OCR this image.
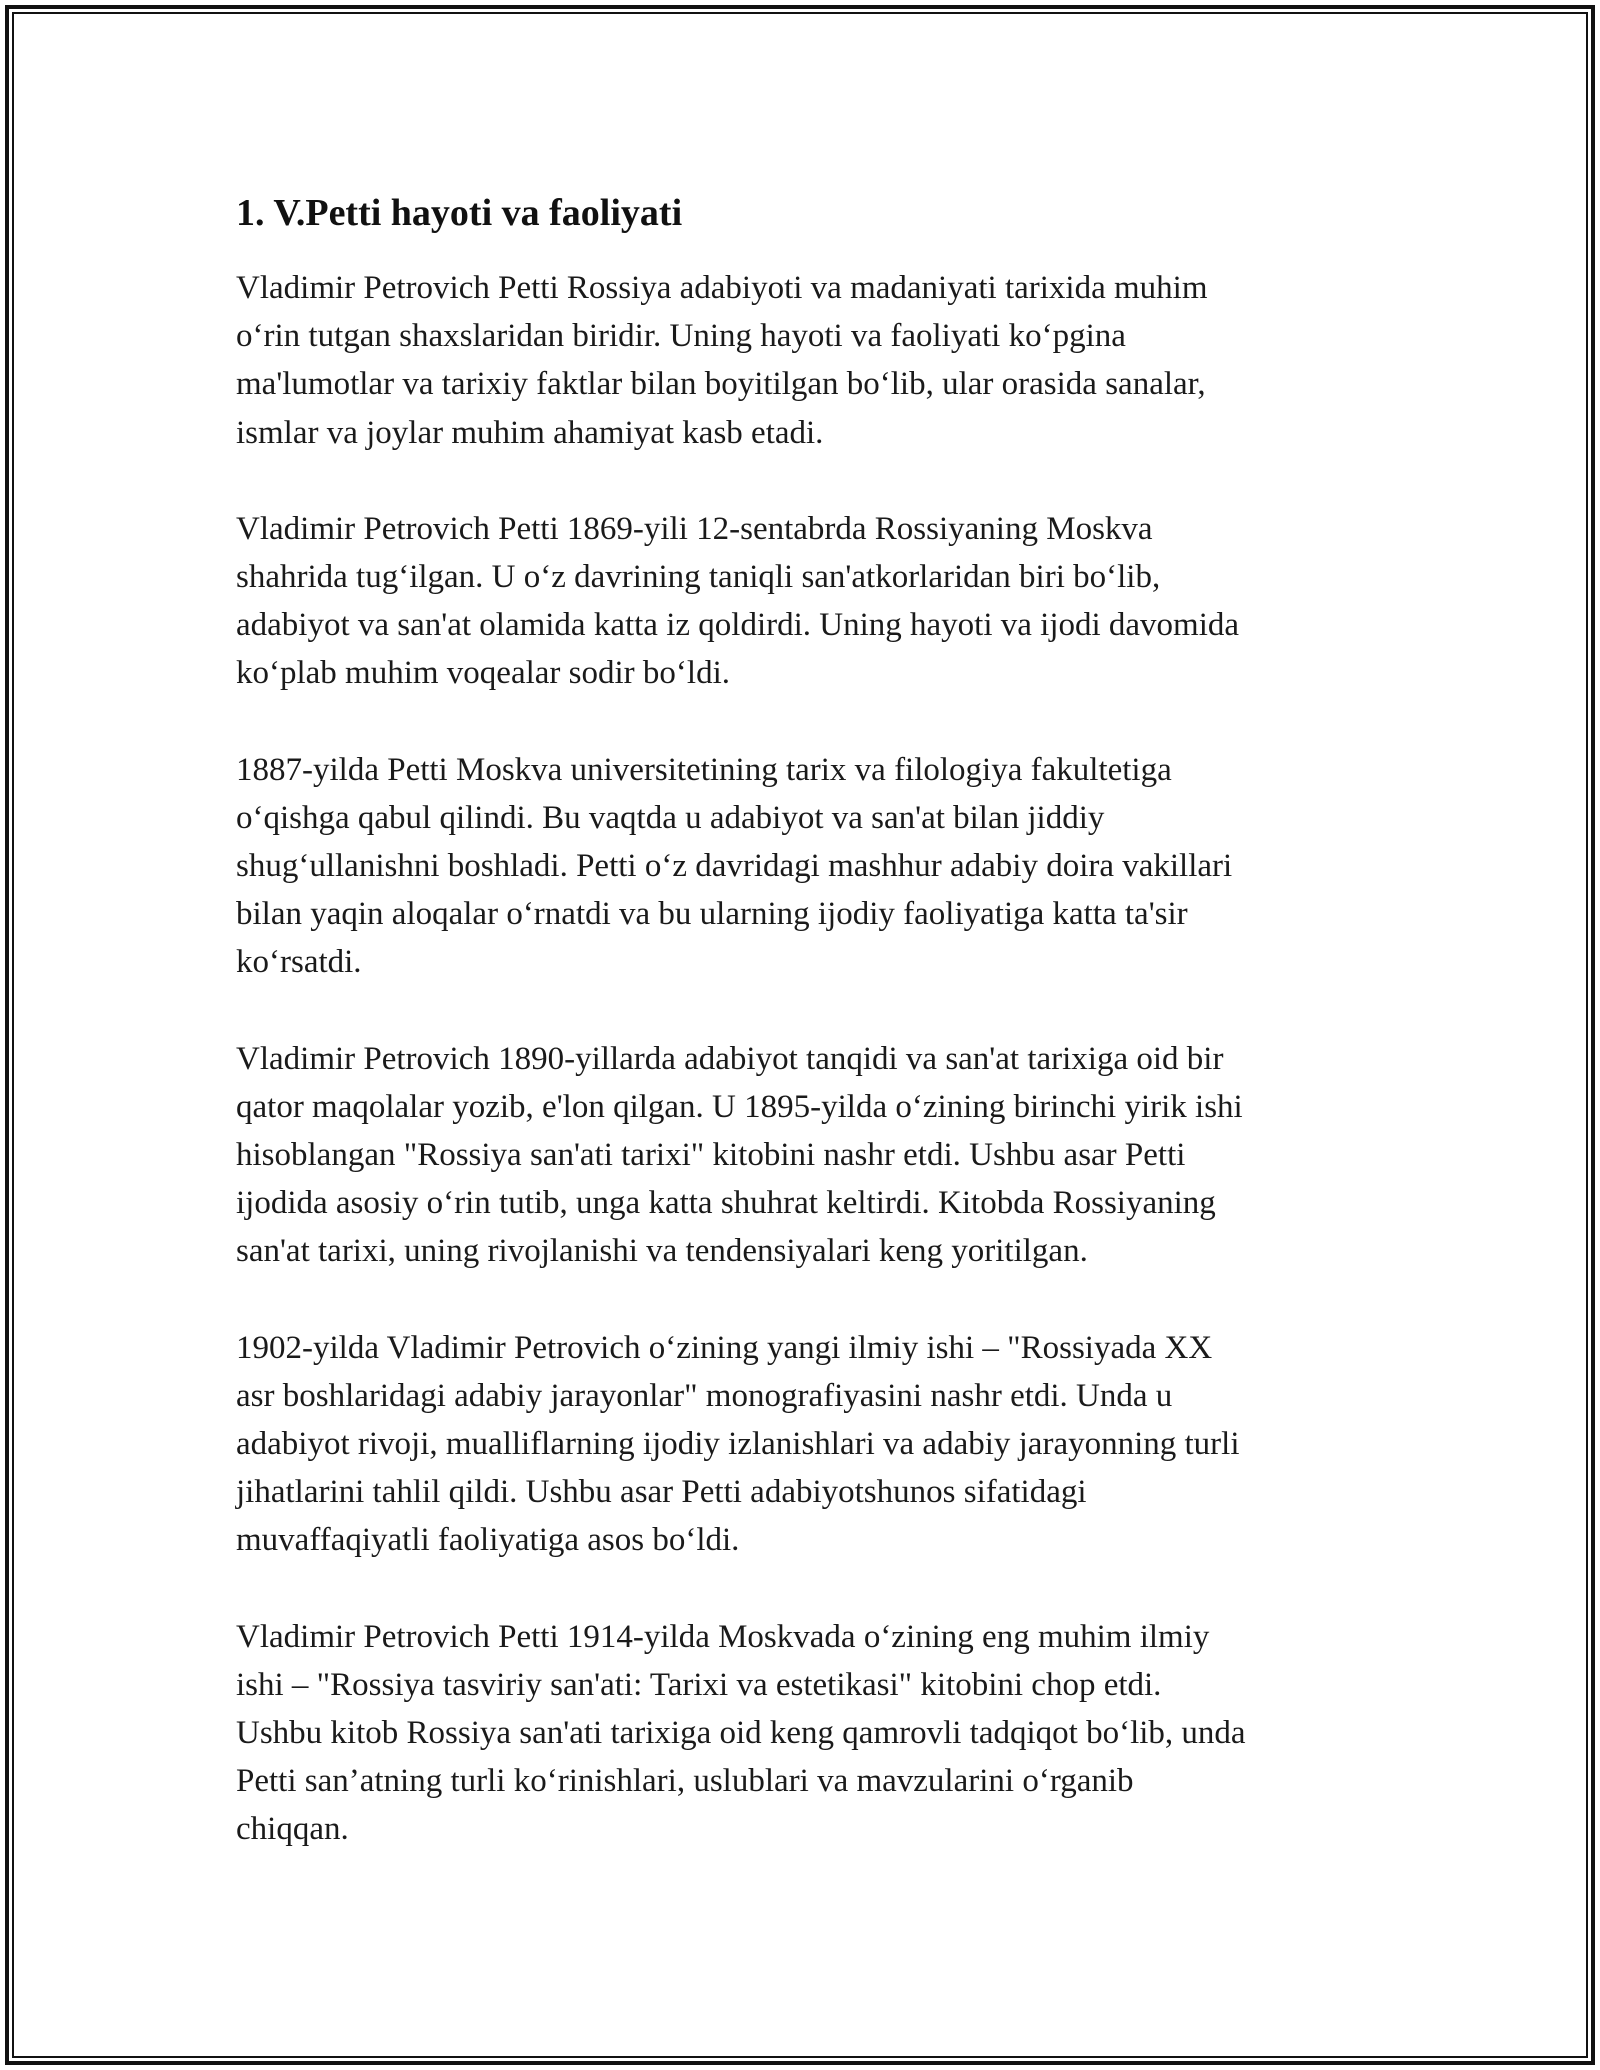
1. V.Petti hayoti va faoliyati

Vladimir Petrovich Petti Rossiya adabiyoti va madaniyati tarixida muhim
o‘rin tutgan shaxslaridan biridir. Uning hayoti va faoliyati ko‘pgina
ma'lumotlar va tarixiy faktlar bilan boyitilgan bo‘lib, ular orasida sanalar,
ismlar va joylar muhim ahamiyat kasb etadi.

Vladimir Petrovich Petti 1869-yili 12-sentabrda Rossiyaning Moskva
shahrida tug‘ilgan. U o‘z davrining taniqli san'atkorlaridan biri bo‘lib,
adabiyot va san'at olamida katta iz qoldirdi. Uning hayoti va ijodi davomida
ko‘plab muhim voqealar sodir bo‘ldi.

1887-yilda Petti Moskva universitetining tarix va filologiya fakultetiga
o‘qishga qabul qilindi. Bu vaqtda u adabiyot va san'at bilan jiddiy
shug‘ullanishni boshladi. Petti o‘z davridagi mashhur adabiy doira vakillari
bilan yaqin aloqalar o‘rnatdi va bu ularning ijodiy faoliyatiga katta ta'sir
ko‘rsatdi.

Vladimir Petrovich 1890-yillarda adabiyot tanqidi va san'at tarixiga oid bir
qator maqolalar yozib, e'lon qilgan. U 1895-yilda o‘zining birinchi yirik ishi
hisoblangan "Rossiya san'ati tarixi" kitobini nashr etdi. Ushbu asar Petti
ijodida asosiy o‘rin tutib, unga katta shuhrat keltirdi. Kitobda Rossiyaning
san'at tarixi, uning rivojlanishi va tendensiyalari keng yoritilgan.

1902-yilda Vladimir Petrovich o‘zining yangi ilmiy ishi – "Rossiyada XX
asr boshlaridagi adabiy jarayonlar" monografiyasini nashr etdi. Unda u
adabiyot rivoji, mualliflarning ijodiy izlanishlari va adabiy jarayonning turli
jihatlarini tahlil qildi. Ushbu asar Petti adabiyotshunos sifatidagi
muvaffaqiyatli faoliyatiga asos bo‘ldi.

Vladimir Petrovich Petti 1914-yilda Moskvada o‘zining eng muhim ilmiy
ishi – "Rossiya tasviriy san'ati: Tarixi va estetikasi" kitobini chop etdi.
Ushbu kitob Rossiya san'ati tarixiga oid keng qamrovli tadqiqot bo‘lib, unda
Petti san’atning turli ko‘rinishlari, uslublari va mavzularini o‘rganib
chiqqan.
